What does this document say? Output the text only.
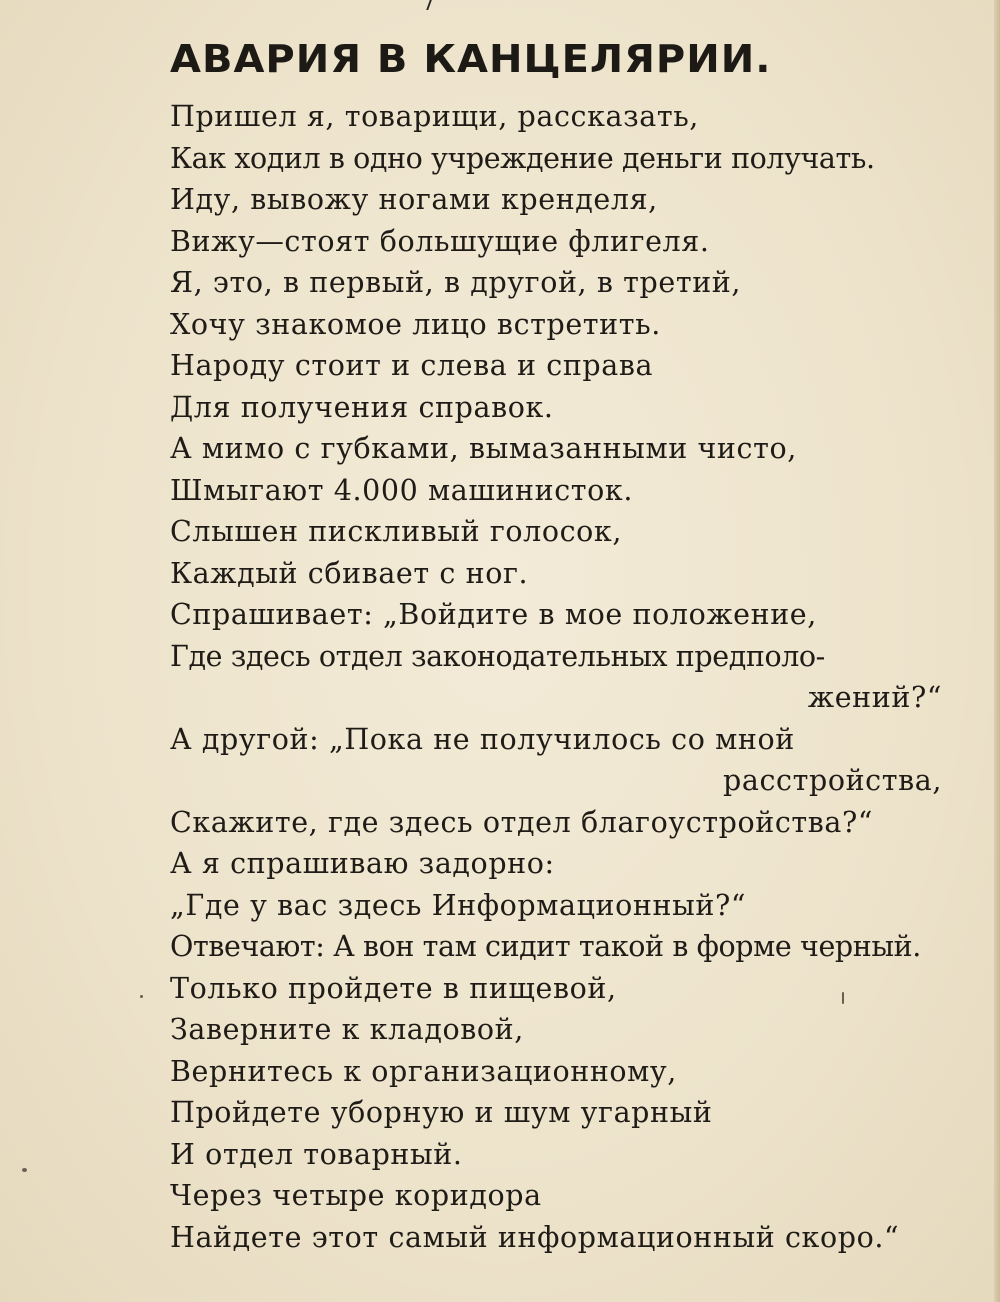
АВАРИЯ В КАНЦЕЛЯРИИ.
Пришел я, товарищи, рассказать,
Как ходил в одно учреждение деньги получать.
Иду, вывожу ногами кренделя,
Вижу—стоят большущие флигеля.
Я, это, в первый, в другой, в третий,
Хочу знакомое лицо встретить.
Народу стоит и слева и справа
Для получения справок.
А мимо с губками, вымазанными чисто,
Шмыгают 4.000 машинисток.
Слышен пискливый голосок,
Каждый сбивает с ног.
Спрашивает: „Войдите в мое положение,
Где здесь отдел законодательных предполо-
жений?“
А другой: „Пока не получилось со мной
расстройства,
Скажите, где здесь отдел благоустройства?“
А я спрашиваю задорно:
„Где у вас здесь Информационный?“
Отвечают: А вон там сидит такой в форме черный.
Только пройдете в пищевой,
Заверните к кладовой,
Вернитесь к организационному,
Пройдете уборную и шум угарный
И отдел товарный.
Через четыре коридора
Найдете этот самый информационный скоро.“
